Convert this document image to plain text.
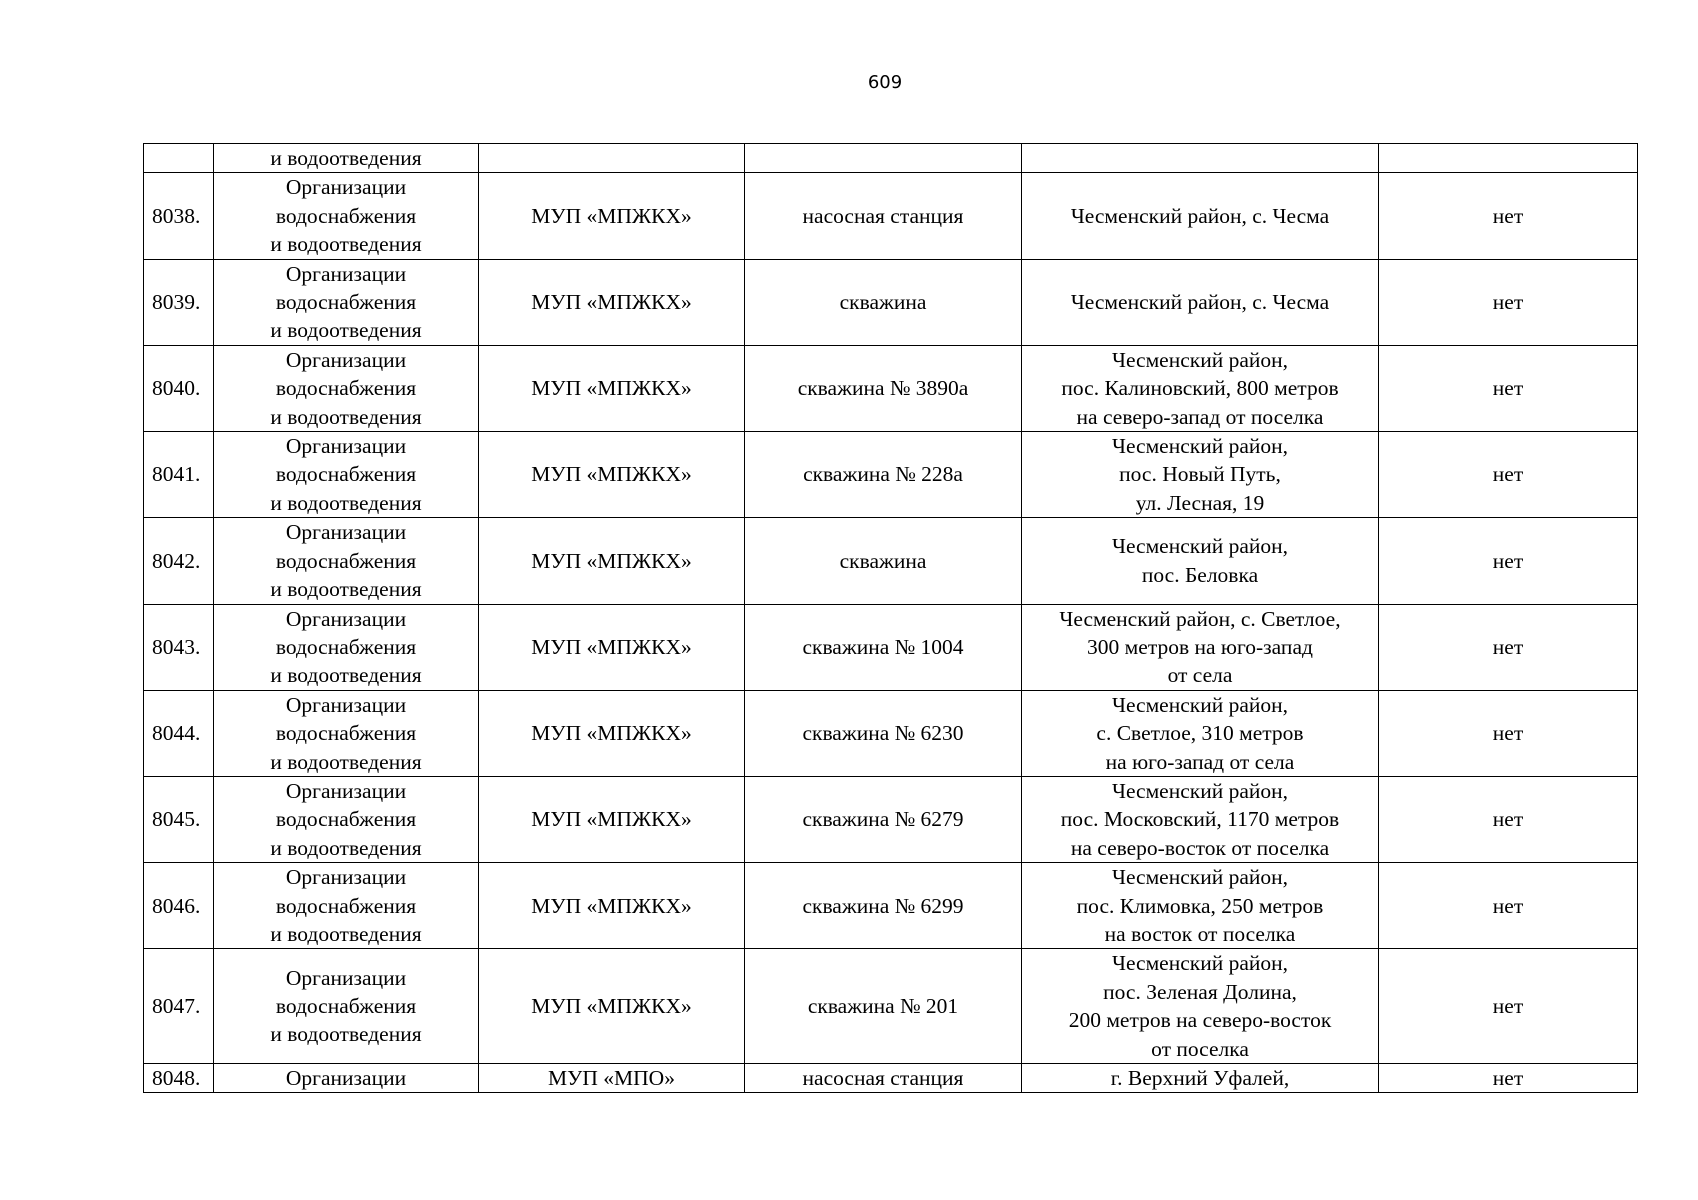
609

	и водоотведения				

8038.	Организации
водоснабжения
и водоотведения	МУП «МПЖКХ»	насосная станция	Чесменский район, с. Чесма	нет
8039.	Организации
водоснабжения
и водоотведения	МУП «МПЖКХ»	скважина	Чесменский район, с. Чесма	нет
8040.	Организации
водоснабжения
и водоотведения	МУП «МПЖКХ»	скважина № 3890а	Чесменский район,
пос. Калиновский, 800 метров
на северо-запад от поселка	нет
8041.	Организации
водоснабжения
и водоотведения	МУП «МПЖКХ»	скважина № 228а	Чесменский район,
пос. Новый Путь,
ул. Лесная, 19	нет
8042.	Организации
водоснабжения
и водоотведения	МУП «МПЖКХ»	скважина	Чесменский район,
пос. Беловка	нет
8043.	Организации
водоснабжения
и водоотведения	МУП «МПЖКХ»	скважина № 1004	Чесменский район, с. Светлое,
300 метров на юго-запад
от села	нет
8044.	Организации
водоснабжения
и водоотведения	МУП «МПЖКХ»	скважина № 6230	Чесменский район,
с. Светлое, 310 метров
на юго-запад от села	нет
8045.	Организации
водоснабжения
и водоотведения	МУП «МПЖКХ»	скважина № 6279	Чесменский район,
пос. Московский, 1170 метров
на северо-восток от поселка	нет
8046.	Организации
водоснабжения
и водоотведения	МУП «МПЖКХ»	скважина № 6299	Чесменский район,
пос. Климовка, 250 метров
на восток от поселка	нет
8047.	Организации
водоснабжения
и водоотведения	МУП «МПЖКХ»	скважина № 201	Чесменский район,
пос. Зеленая Долина,
200 метров на северо-восток
от поселка	нет
8048.	Организации	МУП «МПО»	насосная станция	г. Верхний Уфалей,	нет
